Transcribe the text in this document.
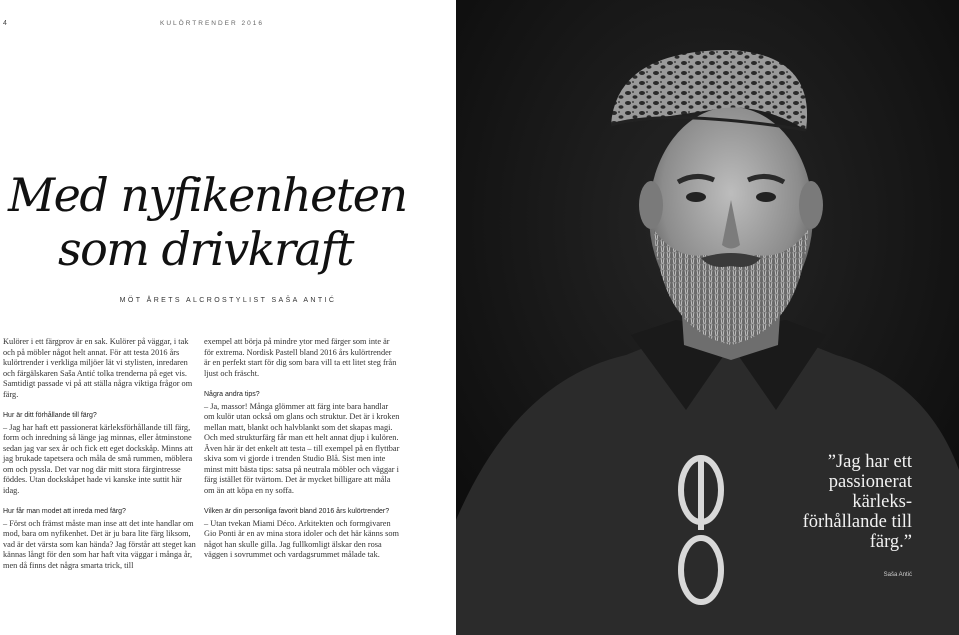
4	KULÖRTRENDER 2016
Med nyfikenheten
som drivkraft
MÖT ÅRETS ALCROSTYLIST SAŠA ANTIĆ

Kulörer i ett färgprov är en sak. Kulörer på väggar, i tak och på möbler något helt annat. För att testa 2016 års kulörtrender i verkliga miljöer lät vi stylisten, inredaren och färgälskaren Saša Antić tolka trenderna på eget vis. Samtidigt passade vi på att ställa några viktiga frågor om färg.

Hur är ditt förhållande till färg?

– Jag har haft ett passionerat kärleksförhållande till färg, form och inredning så länge jag minnas, eller åtminstone sedan jag var sex år och fick ett eget dockskåp. Minns att jag brukade tapetsera och måla de små rummen, möblera om och pyssla. Det var nog där mitt stora färgintresse föddes. Utan dockskåpet hade vi kanske inte suttit här idag.

Hur får man modet att inreda med färg?

– Först och främst måste man inse att det inte handlar om mod, bara om nyfikenhet. Det är ju bara lite färg liksom, vad är det värsta som kan hända? Jag förstår att steget kan kännas långt för den som har haft vita väggar i många år, men då finns det några smarta trick, till

exempel att börja på mindre ytor med färger som inte är för extrema. Nordisk Pastell bland 2016 års kulörtrender är en perfekt start för dig som bara vill ta ett litet steg från ljust och fräscht.

Några andra tips?

– Ja, massor! Många glömmer att färg inte bara handlar om kulör utan också om glans och struktur. Det är i kroken mellan matt, blankt och halvblankt som det skapas magi. Och med strukturfärg får man ett helt annat djup i kulören. Även här är det enkelt att testa – till exempel på en flyttbar skiva som vi gjorde i trenden Studio Blå. Sist men inte minst mitt bästa tips: satsa på neutrala möbler och väggar i färg istället för tvärtom. Det är mycket billigare att måla om än att köpa en ny soffa.

Vilken är din personliga favorit bland 2016 års kulörtrender?

– Utan tvekan Miami Déco. Arkitekten och formgivaren Gio Ponti är en av mina stora idoler och det här känns som något han skulle gilla. Jag fullkomligt älskar den rosa väggen i sovrummet och vardagsrummet målade tak.

”Jag har ett passionerat kärleks-förhållande till färg.”

Saša Antić
